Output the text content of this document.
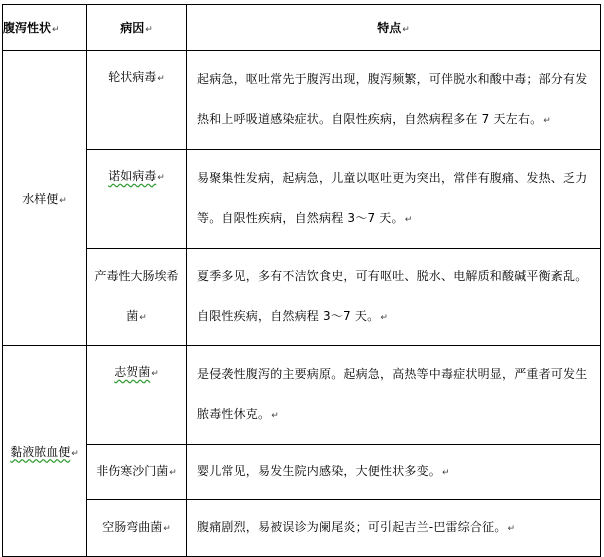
腹泻性状↵	病因↵	特点↵
水样便↵	轮状病毒↵	起病急，呕吐常先于腹泻出现，腹泻频繁，可伴脱水和酸中毒；部分有发热和上呼吸道感染症状。自限性疾病，自然病程多在 7 天左右。↵
	诺如病毒↵	易聚集性发病，起病急，儿童以呕吐更为突出，常伴有腹痛、发热、乏力等。自限性疾病，自然病程 3～7 天。↵
	产毒性大肠埃希菌↵	夏季多见，多有不洁饮食史，可有呕吐、脱水、电解质和酸碱平衡紊乱。自限性疾病，自然病程 3～7 天。↵
黏液脓血便↵	志贺菌↵	是侵袭性腹泻的主要病原。起病急，高热等中毒症状明显，严重者可发生脓毒性休克。↵
	非伤寒沙门菌↵	婴儿常见，易发生院内感染，大便性状多变。↵
	空肠弯曲菌↵	腹痛剧烈，易被误诊为阑尾炎；可引起吉兰-巴雷综合征。↵
